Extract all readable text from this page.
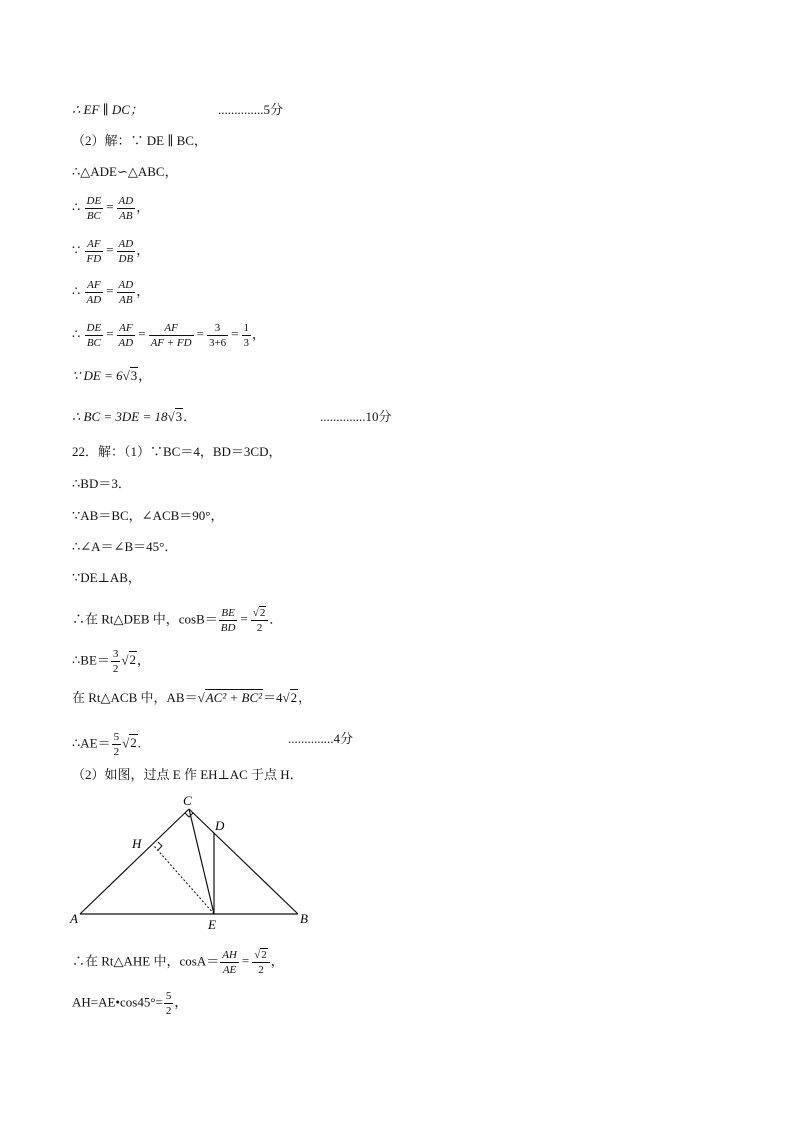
∴ EF ∥ DC；	..............5分
（2）解：∵ DE ∥ BC，
∴△ADE∽△ABC，
∴ $\frac{DE}{BC} = \frac{AD}{AB}$ ，
∵ $\frac{AF}{FD} = \frac{AD}{DB}$ ，
∴ $\frac{AF}{AD} = \frac{AD}{AB}$ ，
∴ $\frac{DE}{BC} = \frac{AF}{AD} = \frac{AF}{AF + FD} = \frac{3}{3+6} = \frac{1}{3}$ ，
∵ DE = 6√3，
∴ BC = 3DE = 18√3．	..............10分
22．解：（1）∵BC＝4，BD＝3CD，
∴BD＝3．
∵AB＝BC，∠ACB＝90°，
∴∠A＝∠B＝45°．
∵DE⊥AB，
∴在 Rt△DEB 中，$\cos B= \frac{BE}{BD} = \frac{√2}{2}$ ．
∴BE＝ $\frac{3}{2} √2$，
在 Rt△ACB 中，AB＝√AC² + BC²＝4√2，
∴AE＝ $\frac{5}{2} √2$.	..............4分
（2）如图，过点 E 作 EH⊥AC 于点 H．
A	B
C
D
E
H
∴在 Rt△AHE 中，$\cos A= \frac{AH}{AE} = \frac{√2}{2}$ ，
AH=AE•cos45°= $\frac{5}{2}$ ，
